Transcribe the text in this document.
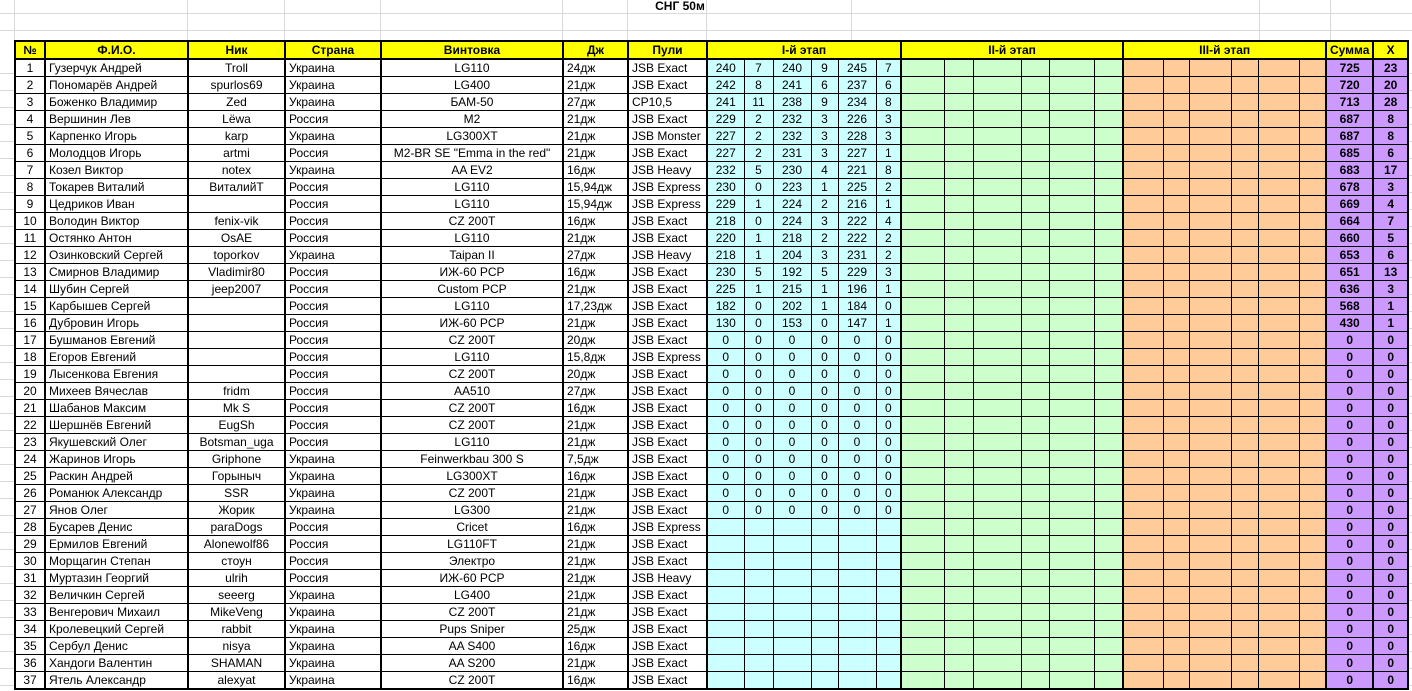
СНГ 50м
№	Ф.И.О.	Ник	Страна	Винтовка	Дж	Пули	I-й этап						II-й этап						III-й этап						Сумма	X
1	Гузерчук Андрей	Troll	Украина	LG110	24дж	JSB Exact	240	7	240	9	245	7													725	23
2	Пономарёв Андрей	spurlos69	Украина	LG400	21дж	JSB Exact	242	8	241	6	237	6													720	20
3	Боженко Владимир	Zed	Украина	БАМ-50	27дж	CP10,5	241	11	238	9	234	8													713	28
4	Вершинин Лев	Lëwa	Россия	M2	21дж	JSB Exact	229	2	232	3	226	3													687	8
5	Карпенко Игорь	karp	Украина	LG300XT	21дж	JSB Monster	227	2	232	3	228	3													687	8
6	Молодцов Игорь	artmi	Россия	M2-BR SE "Emma in the red"	21дж	JSB Exact	227	2	231	3	227	1													685	6
7	Козел Виктор	notex	Украина	AA EV2	16дж	JSB Heavy	232	5	230	4	221	8													683	17
8	Токарев Виталий	ВиталийТ	Россия	LG110	15,94дж	JSB Express	230	0	223	1	225	2													678	3
9	Цедриков Иван		Россия	LG110	15,94дж	JSB Express	229	1	224	2	216	1													669	4
10	Володин Виктор	fenix-vik	Россия	CZ 200T	16дж	JSB Exact	218	0	224	3	222	4													664	7
11	Остянко Антон	OsAE	Россия	LG110	21дж	JSB Exact	220	1	218	2	222	2													660	5
12	Озинковский Сергей	toporkov	Украина	Taipan II	27дж	JSB Heavy	218	1	204	3	231	2													653	6
13	Смирнов Владимир	Vladimir80	Россия	ИЖ-60 PCP	16дж	JSB Exact	230	5	192	5	229	3													651	13
14	Шубин Сергей	jeep2007	Россия	Custom PCP	21дж	JSB Exact	225	1	215	1	196	1													636	3
15	Карбышев Сергей		Россия	LG110	17,23дж	JSB Exact	182	0	202	1	184	0													568	1
16	Дубровин Игорь		Россия	ИЖ-60 PCP	21дж	JSB Exact	130	0	153	0	147	1													430	1
17	Бушманов Евгений		Россия	CZ 200T	20дж	JSB Exact	0	0	0	0	0	0													0	0
18	Егоров Евгений		Россия	LG110	15,8дж	JSB Express	0	0	0	0	0	0													0	0
19	Лысенкова Евгения		Россия	CZ 200T	20дж	JSB Exact	0	0	0	0	0	0													0	0
20	Михеев Вячеслав	fridm	Россия	AA510	27дж	JSB Exact	0	0	0	0	0	0													0	0
21	Шабанов Максим	Mk S	Россия	CZ 200T	16дж	JSB Exact	0	0	0	0	0	0													0	0
22	Шершнёв Евгений	EugSh	Россия	CZ 200T	21дж	JSB Exact	0	0	0	0	0	0													0	0
23	Якушевский Олег	Botsman_uga	Россия	LG110	21дж	JSB Exact	0	0	0	0	0	0													0	0
24	Жаринов Игорь	Griphone	Украина	Feinwerkbau 300 S	7,5дж	JSB Exact	0	0	0	0	0	0													0	0
25	Раскин Андрей	Горыныч	Украина	LG300XT	16дж	JSB Exact	0	0	0	0	0	0													0	0
26	Романюк Александр	SSR	Украина	CZ 200T	21дж	JSB Exact	0	0	0	0	0	0													0	0
27	Янов Олег	Жорик	Украина	LG300	21дж	JSB Exact	0	0	0	0	0	0													0	0
28	Бусарев Денис	paraDogs	Россия	Cricet	16дж	JSB Express																			0	0
29	Ермилов Евгений	Alonewolf86	Россия	LG110FT	21дж	JSB Exact																			0	0
30	Морщагин Степан	стоун	Россия	Электро	21дж	JSB Exact																			0	0
31	Муртазин Георгий	ulrih	Россия	ИЖ-60 PCP	21дж	JSB Heavy																			0	0
32	Величкин Сергей	seeerg	Украина	LG400	21дж	JSB Exact																			0	0
33	Венгерович Михаил	MikeVeng	Украина	CZ 200T	21дж	JSB Exact																			0	0
34	Кролевецкий Сергей	rabbit	Украина	Pups Sniper	25дж	JSB Exact																			0	0
35	Сербул Денис	nisya	Украина	AA S400	16дж	JSB Exact																			0	0
36	Хандоги Валентин	SHAMAN	Украина	AA S200	21дж	JSB Exact																			0	0
37	Ятель Александр	alexyat	Украина	CZ 200T	16дж	JSB Exact																			0	0
